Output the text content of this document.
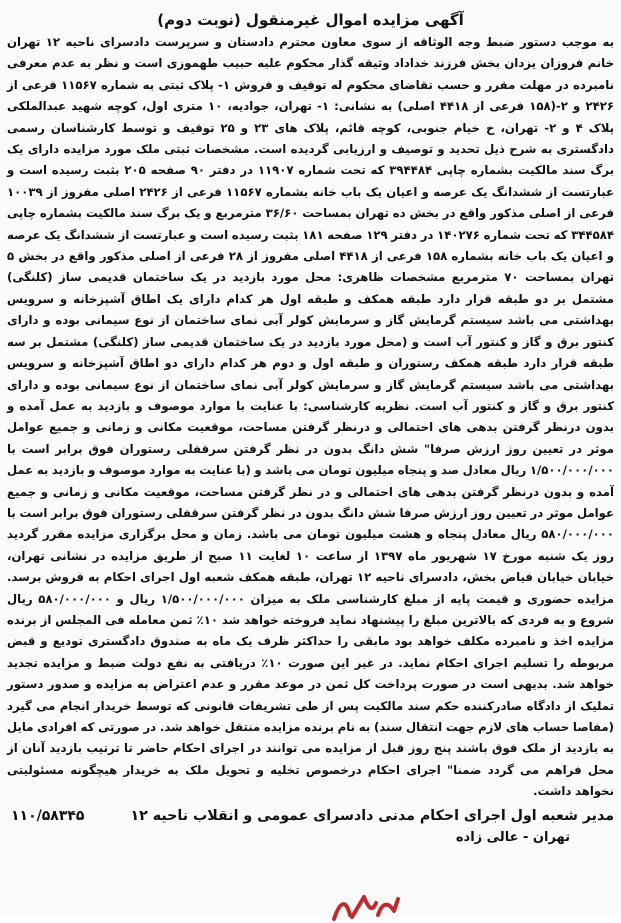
آگهی مزایده اموال غیرمنقول (نوبت دوم)

به موجب دستور ضبط وجه الوثاقه از سوی معاون محترم دادستان و سرپرست دادسرای ناحیه ۱۲ تهران خانم فروزان یزدان بخش فرزند خداداد وثیقه گذار محکوم علیه حبیب طهموزی است و نظر به عدم معرفی نامبرده در مهلت مقرر و حسب تقاضای محکوم له توقیف و فروش ۱- پلاک ثبتی به شماره ۱۱۵۶۷ فرعی از ۲۴۲۶ و ۲-(۱۵۸ فرعی از ۴۴۱۸ اصلی) به نشانی: ۱- تهران، جوادیه، ۱۰ متری اول، کوچه شهید عبدالملکی پلاک ۴ و ۲- تهران، خ خیام جنوبی، کوچه قائم، پلاک های ۲۳ و ۲۵ توقیف و توسط کارشناسان رسمی دادگستری به شرح ذیل تحدید و توصیف و ارزیابی گردیده است. مشخصات ثبتی ملک مورد مزایده دارای یک برگ سند مالکیت بشماره چاپی ۳۹۴۴۸۴ که تحت شماره ۱۱۹۰۷ در دفتر ۹۰ صفحه ۲۰۵ بثبت رسیده است و عبارتست از ششدانگ یک عرصه و اعیان یک باب خانه بشماره ۱۱۵۶۷ فرعی از ۲۴۲۶ اصلی مفروز از ۱۰۰۳۹ فرعی از اصلی مذکور واقع در بخش ده تهران بمساحت ۳۶/۶۰ مترمربع و یک برگ سند مالکیت بشماره چاپی ۳۴۴۵۸۴ که تحت شماره ۱۴۰۲۷۶ در دفتر ۱۲۹ صفحه ۱۸۱ بثبت رسیده است و عبارتست از ششدانگ یک عرصه و اعیان یک باب خانه بشماره ۱۵۸ فرعی از ۴۴۱۸ اصلی مفروز از ۲۸ فرعی از اصلی مذکور واقع در بخش ۵ تهران بمساحت ۷۰ مترمربع مشخصات ظاهری: محل مورد بازدید در یک ساختمان قدیمی ساز (کلنگی) مشتمل بر دو طبقه قرار دارد طبقه همکف و طبقه اول هر کدام دارای یک اطاق آشپزخانه و سرویس بهداشتی می باشد سیستم گرمایش گاز و سرمایش کولر آبی نمای ساختمان از نوع سیمانی بوده و دارای کنتور برق و گاز و کنتور آب است و (محل مورد بازدید در یک ساختمان قدیمی ساز (کلنگی) مشتمل بر سه طبقه قرار دارد طبقه همکف رستوران و طبقه اول و دوم هر کدام دارای دو اطاق آشپزخانه و سرویس بهداشتی می باشد سیستم گرمایش گاز و سرمایش کولر آبی نمای ساختمان از نوع سیمانی بوده و دارای کنتور برق و گاز و کنتور آب است. نظریه کارشناسی: با عنایت با موارد موصوف و بازدید به عمل آمده و بدون درنظر گرفتن بدهی های احتمالی و درنظر گرفتن مساحت، موقعیت مکانی و زمانی و جمیع عوامل موثر در تعیین روز ارزش صرفا" شش دانگ بدون در نظر گرفتن سرقفلی رستوران فوق برابر است با ۱/۵۰۰/۰۰۰/۰۰۰ ریال معادل صد و پنجاه میلیون تومان می باشد و (با عنایت به موارد موصوف و بازدید به عمل آمده و بدون درنظر گرفتن بدهی های احتمالی و در نظر گرفتن مساحت، موقعیت مکانی و زمانی و جمیع عوامل موثر در تعیین روز ارزش صرفا شش دانگ بدون در نظر گرفتن سرقفلی رستوران فوق برابر است با ۵۸۰/۰۰۰/۰۰۰ ریال معادل پنجاه و هشت میلیون تومان می باشد. زمان و محل برگزاری مزایده مقرر گردید روز یک شنبه مورخ ۱۷ شهریور ماه ۱۳۹۷ از ساعت ۱۰ لغایت ۱۱ صبح از طریق مزایده در نشانی تهران، خیابان خیابان فیاض بخش، دادسرای ناحیه ۱۲ تهران، طبقه همکف شعبه اول اجرای احکام به فروش برسد. مزایده حضوری و قیمت پایه از مبلغ کارشناسی ملک به میزان ۱/۵۰۰/۰۰۰/۰۰۰ ریال و ۵۸۰/۰۰۰/۰۰۰ ریال شروع و به فردی که بالاترین مبلغ را پیشنهاد نماید فروخته خواهد شد ۱۰٪ ثمن معامله فی المجلس از برنده مزایده اخذ و نامبرده مکلف خواهد بود مابقی را حداکثر ظرف یک ماه به صندوق دادگستری تودیع و قبض مربوطه را تسلیم اجرای احکام نماید. در غیر این صورت ۱۰٪ دریافتی به نفع دولت ضبط و مزایده تجدید خواهد شد. بدیهی است در صورت پرداخت کل ثمن در موعد مقرر و عدم اعتراض به مزایده و صدور دستور تملیک از دادگاه صادرکننده حکم سند مالکیت پس از طی تشریفات قانونی که توسط خریدار انجام می گیرد (مفاصا حساب های لازم جهت انتقال سند) به نام برنده مزایده منتقل خواهد شد. در صورتی که افرادی مایل به بازدید از ملک فوق باشند پنج روز قبل از مزایده می توانند در اجرای احکام حاضر تا ترتیب بازدید آنان از محل فراهم می گردد ضمنا" اجرای احکام درخصوص تخلیه و تحویل ملک به خریدار هیچگونه مسئولیتی نخواهد داشت.

مدیر شعبه اول اجرای احکام مدنی دادسرای عمومی و انقلاب ناحیه ۱۲
۱۱۰/۵۸۳۴۵
تهران - عالی زاده
